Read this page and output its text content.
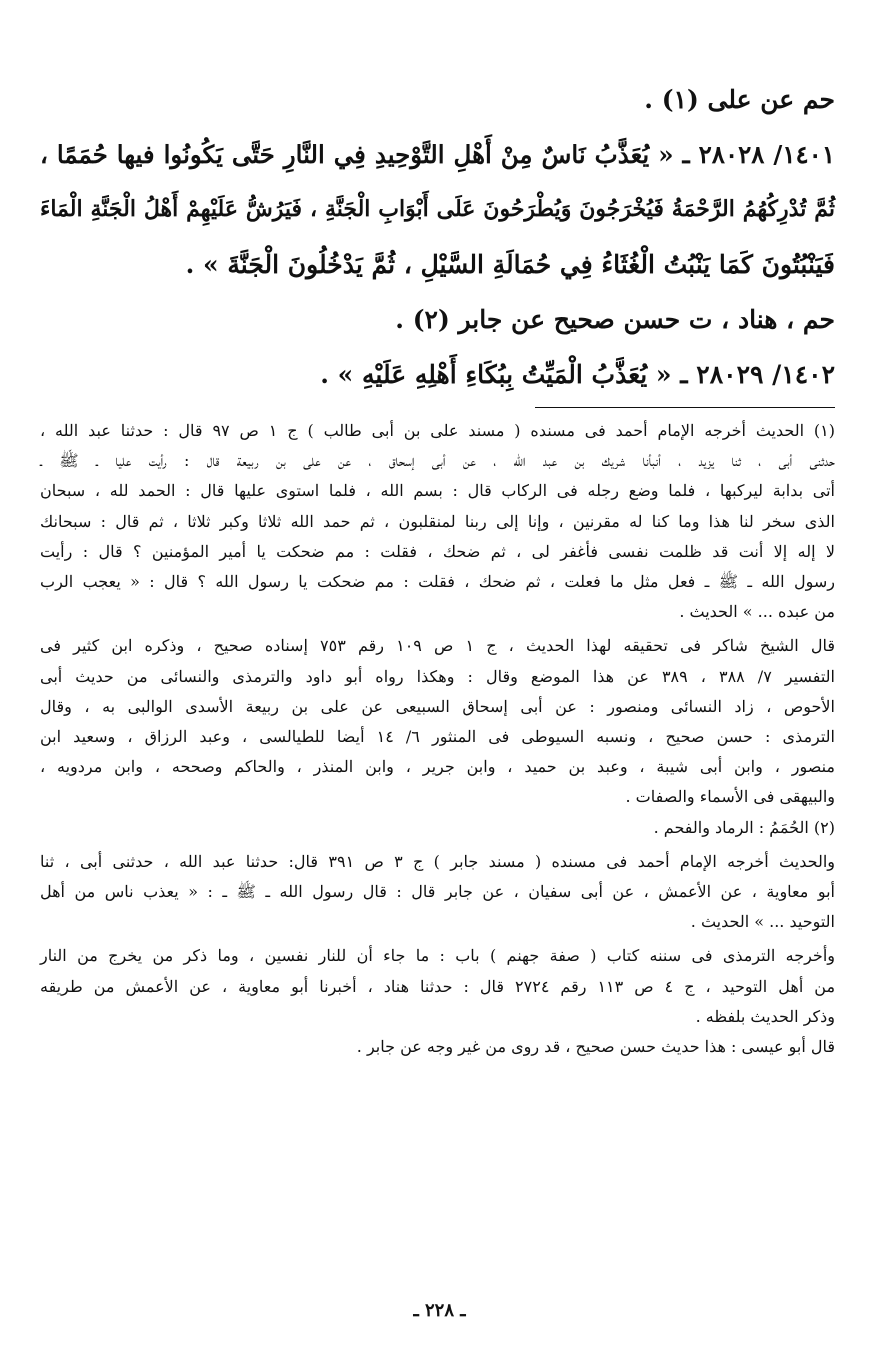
حم عن على (١) .
١٤٠١/ ٢٨٠٢٨ ـ « يُعَذَّبُ نَاسٌ مِنْ أَهْلِ التَّوْحِيدِ فِي النَّارِ حَتَّى يَكُونُوا فيها حُمَمًا ،
ثُمَّ تُدْرِكُهُمُ الرَّحْمَةُ فَيُخْرَجُونَ وَيُطْرَحُونَ عَلَى أَبْوَابِ الْجَنَّةِ ، فَيَرُشُّ عَلَيْهِمْ أَهْلُ الْجَنَّةِ الْمَاءَ
فَيَنْبُتُونَ كَمَا يَنْبُتُ الْغُثَاءُ فِي حُمَالَةِ السَّيْلِ ، ثُمَّ يَدْخُلُونَ الْجَنَّةَ » .
حم ، هناد ، ت حسن صحيح عن جابر (٢) .
١٤٠٢/ ٢٨٠٢٩ ـ « يُعَذَّبُ الْمَيِّتُ بِبُكَاءِ أَهْلِهِ عَلَيْهِ » .

(١) الحديث أخرجه الإمام أحمد فى مسنده ( مسند على بن أبى طالب ) ج ١ ص ٩٧ قال : حدثنا عبد الله ،
حدثنى أبى ، ثنا يزيد ، أنبأنا شريك بن عبد الله ، عن أبى إسحاق ، عن على بن ربيعة قال : رأيت عليا ـ ﷺ ـ
أتى بدابة ليركبها ، فلما وضع رجله فى الركاب قال : بسم الله ، فلما استوى عليها قال : الحمد لله ، سبحان
الذى سخر لنا هذا وما كنا له مقرنين ، وإنا إلى ربنا لمنقلبون ، ثم حمد الله ثلاثا وكبر ثلاثا ، ثم قال : سبحانك
لا إله إلا أنت قد ظلمت نفسى فأغفر لى ، ثم ضحك ، فقلت : مم ضحكت يا أمير المؤمنين ؟ قال : رأيت
رسول الله ـ ﷺ ـ فعل مثل ما فعلت ، ثم ضحك ، فقلت : مم ضحكت يا رسول الله ؟ قال : « يعجب الرب
من عبده ... » الحديث .

قال الشيخ شاكر فى تحقيقه لهذا الحديث ، ج ١ ص ١٠٩ رقم ٧٥٣ إسناده صحيح ، وذكره ابن كثير فى
التفسير ٧/ ٣٨٨ ، ٣٨٩ عن هذا الموضع وقال : وهكذا رواه أبو داود والترمذى والنسائى من حديث أبى
الأحوص ، زاد النسائى ومنصور : عن أبى إسحاق السبيعى عن على بن ربيعة الأسدى الوالبى به ، وقال
الترمذى : حسن صحيح ، ونسبه السيوطى فى المنثور ٦/ ١٤ أيضا للطيالسى ، وعبد الرزاق ، وسعيد ابن
منصور ، وابن أبى شيبة ، وعبد بن حميد ، وابن جرير ، وابن المنذر ، والحاكم وصححه ، وابن مردويه ،
والبيهقى فى الأسماء والصفات .

(٢) الحُمَمُ : الرماد والفحم .

والحديث أخرجه الإمام أحمد فى مسنده ( مسند جابر ) ج ٣ ص ٣٩١ قال: حدثنا عبد الله ، حدثنى أبى ، ثنا
أبو معاوية ، عن الأعمش ، عن أبى سفيان ، عن جابر قال : قال رسول الله ـ ﷺ ـ : « يعذب ناس من أهل
التوحيد ... » الحديث .

وأخرجه الترمذى فى سننه كتاب ( صفة جهنم ) باب : ما جاء أن للنار نفسين ، وما ذكر من يخرج من النار
من أهل التوحيد ، ج ٤ ص ١١٣ رقم ٢٧٢٤ قال : حدثنا هناد ، أخبرنا أبو معاوية ، عن الأعمش من طريقه
وذكر الحديث بلفظه .

قال أبو عيسى : هذا حديث حسن صحيح ، قد روى من غير وجه عن جابر .

ـ ٢٢٨ ـ
